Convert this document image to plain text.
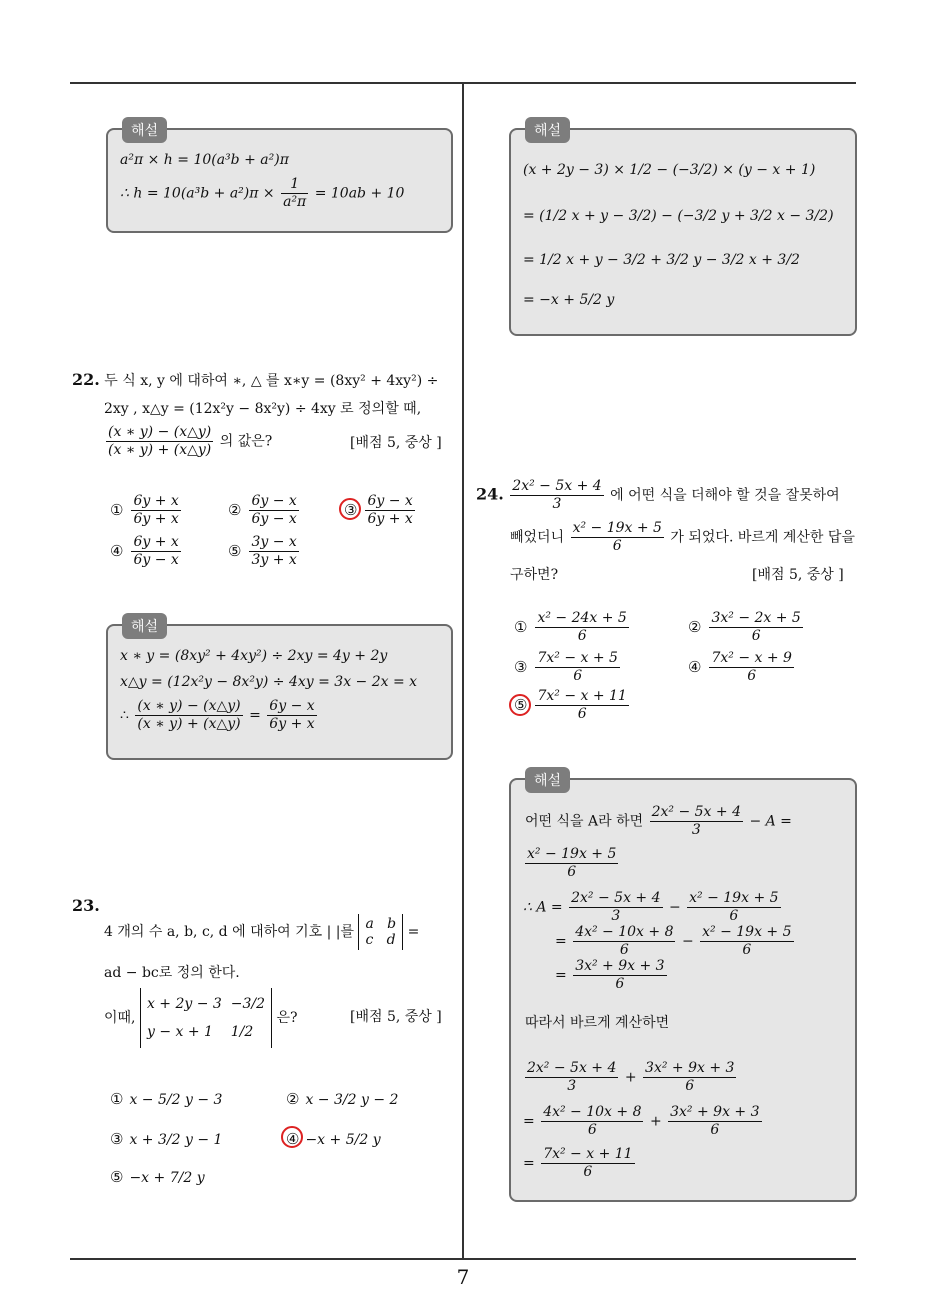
7
해설
a²π × h = 10(a³b + a²)π
∴ $h = 10(a^3b + a^2)\pi \times \frac{1}{\text{a²π}} = 10ab + 10$
22. 두 식 x, y 에 대하여 ∗, △ 를 x∗y = (8xy² + 4xy²) ÷
2xy , x△y = (12x²y − 8x²y) ÷ 4xy 로 정의할 때,
$\frac{(x ∗ y) - (x\triangle y)}{(x ∗ y) + (x\triangle y)}$ 의 값은?	[배점 5, 중상 ]
① $\frac{6y + x}{6y + x}$	② $\frac{6y - x}{6y - x}$	③ $\frac{6y - x}{6y + x}$
④ $\frac{6y + x}{6y - x}$	⑤ $\frac{3y - x}{3y + x}$
해설
x ∗ y = (8xy² + 4xy²) ÷ 2xy = 4y + 2y
x△y = (12x²y − 8x²y) ÷ 4xy = 3x − 2x = x
∴ $\frac{(x ∗ y) - (x\triangle y)}{(x ∗ y) + (x\triangle y)} = \frac{6y - x}{6y + x}$
23.
4 개의 수 a, b, c, d 에 대하여 기호 | |를 a b
c d =
ad − bc로 정의 한다.
이때, x + 2y − 3 −3/2
y − x + 1 1/2 은?	[배점 5, 중상 ]
① x − 5/2 y − 3	② x − 3/2 y − 2
③ x + 3/2 y − 1	④ −x + 5/2 y
⑤ −x + 7/2 y
해설
(x + 2y − 3) × 1/2 − (−3/2) × (y − x + 1)
= (1/2 x + y − 3/2) − (−3/2 y + 3/2 x − 3/2)
= 1/2 x + y − 3/2 + 3/2 y − 3/2 x + 3/2
= −x + 5/2 y
24. $\frac{\text{2x² − 5x + 4}}{3}$ 에 어떤 식을 더해야 할 것을 잘못하여
빼었더니 $\frac{\text{x² − 19x + 5}}{6}$ 가 되었다. 바르게 계산한 답을
구하면?	[배점 5, 중상 ]
① $\frac{\text{x² − 24x + 5}}{6}$	② $\frac{\text{3x² − 2x + 5}}{6}$
③ $\frac{\text{7x² − x + 5}}{6}$	④ $\frac{\text{7x² − x + 9}}{6}$
⑤ $\frac{\text{7x² − x + 11}}{6}$
해설
어떤 식을 A라 하면 $\frac{\text{2x² − 5x + 4}}{3} - A$ =
$\frac{\text{x² − 19x + 5}}{6}$
∴ $A = \frac{\text{2x² − 5x + 4}}{3} - \frac{\text{x² − 19x + 5}}{6}$
= $\frac{\text{4x² − 10x + 8}}{6} - \frac{\text{x² − 19x + 5}}{6}$
= $\frac{\text{3x² + 9x + 3}}{6}$
따라서 바르게 계산하면
$\frac{\text{2x² − 5x + 4}}{3} + \frac{\text{3x² + 9x + 3}}{6}$
= $\frac{\text{4x² − 10x + 8}}{6} + \frac{\text{3x² + 9x + 3}}{6}$
= $\frac{\text{7x² − x + 11}}{6}$
